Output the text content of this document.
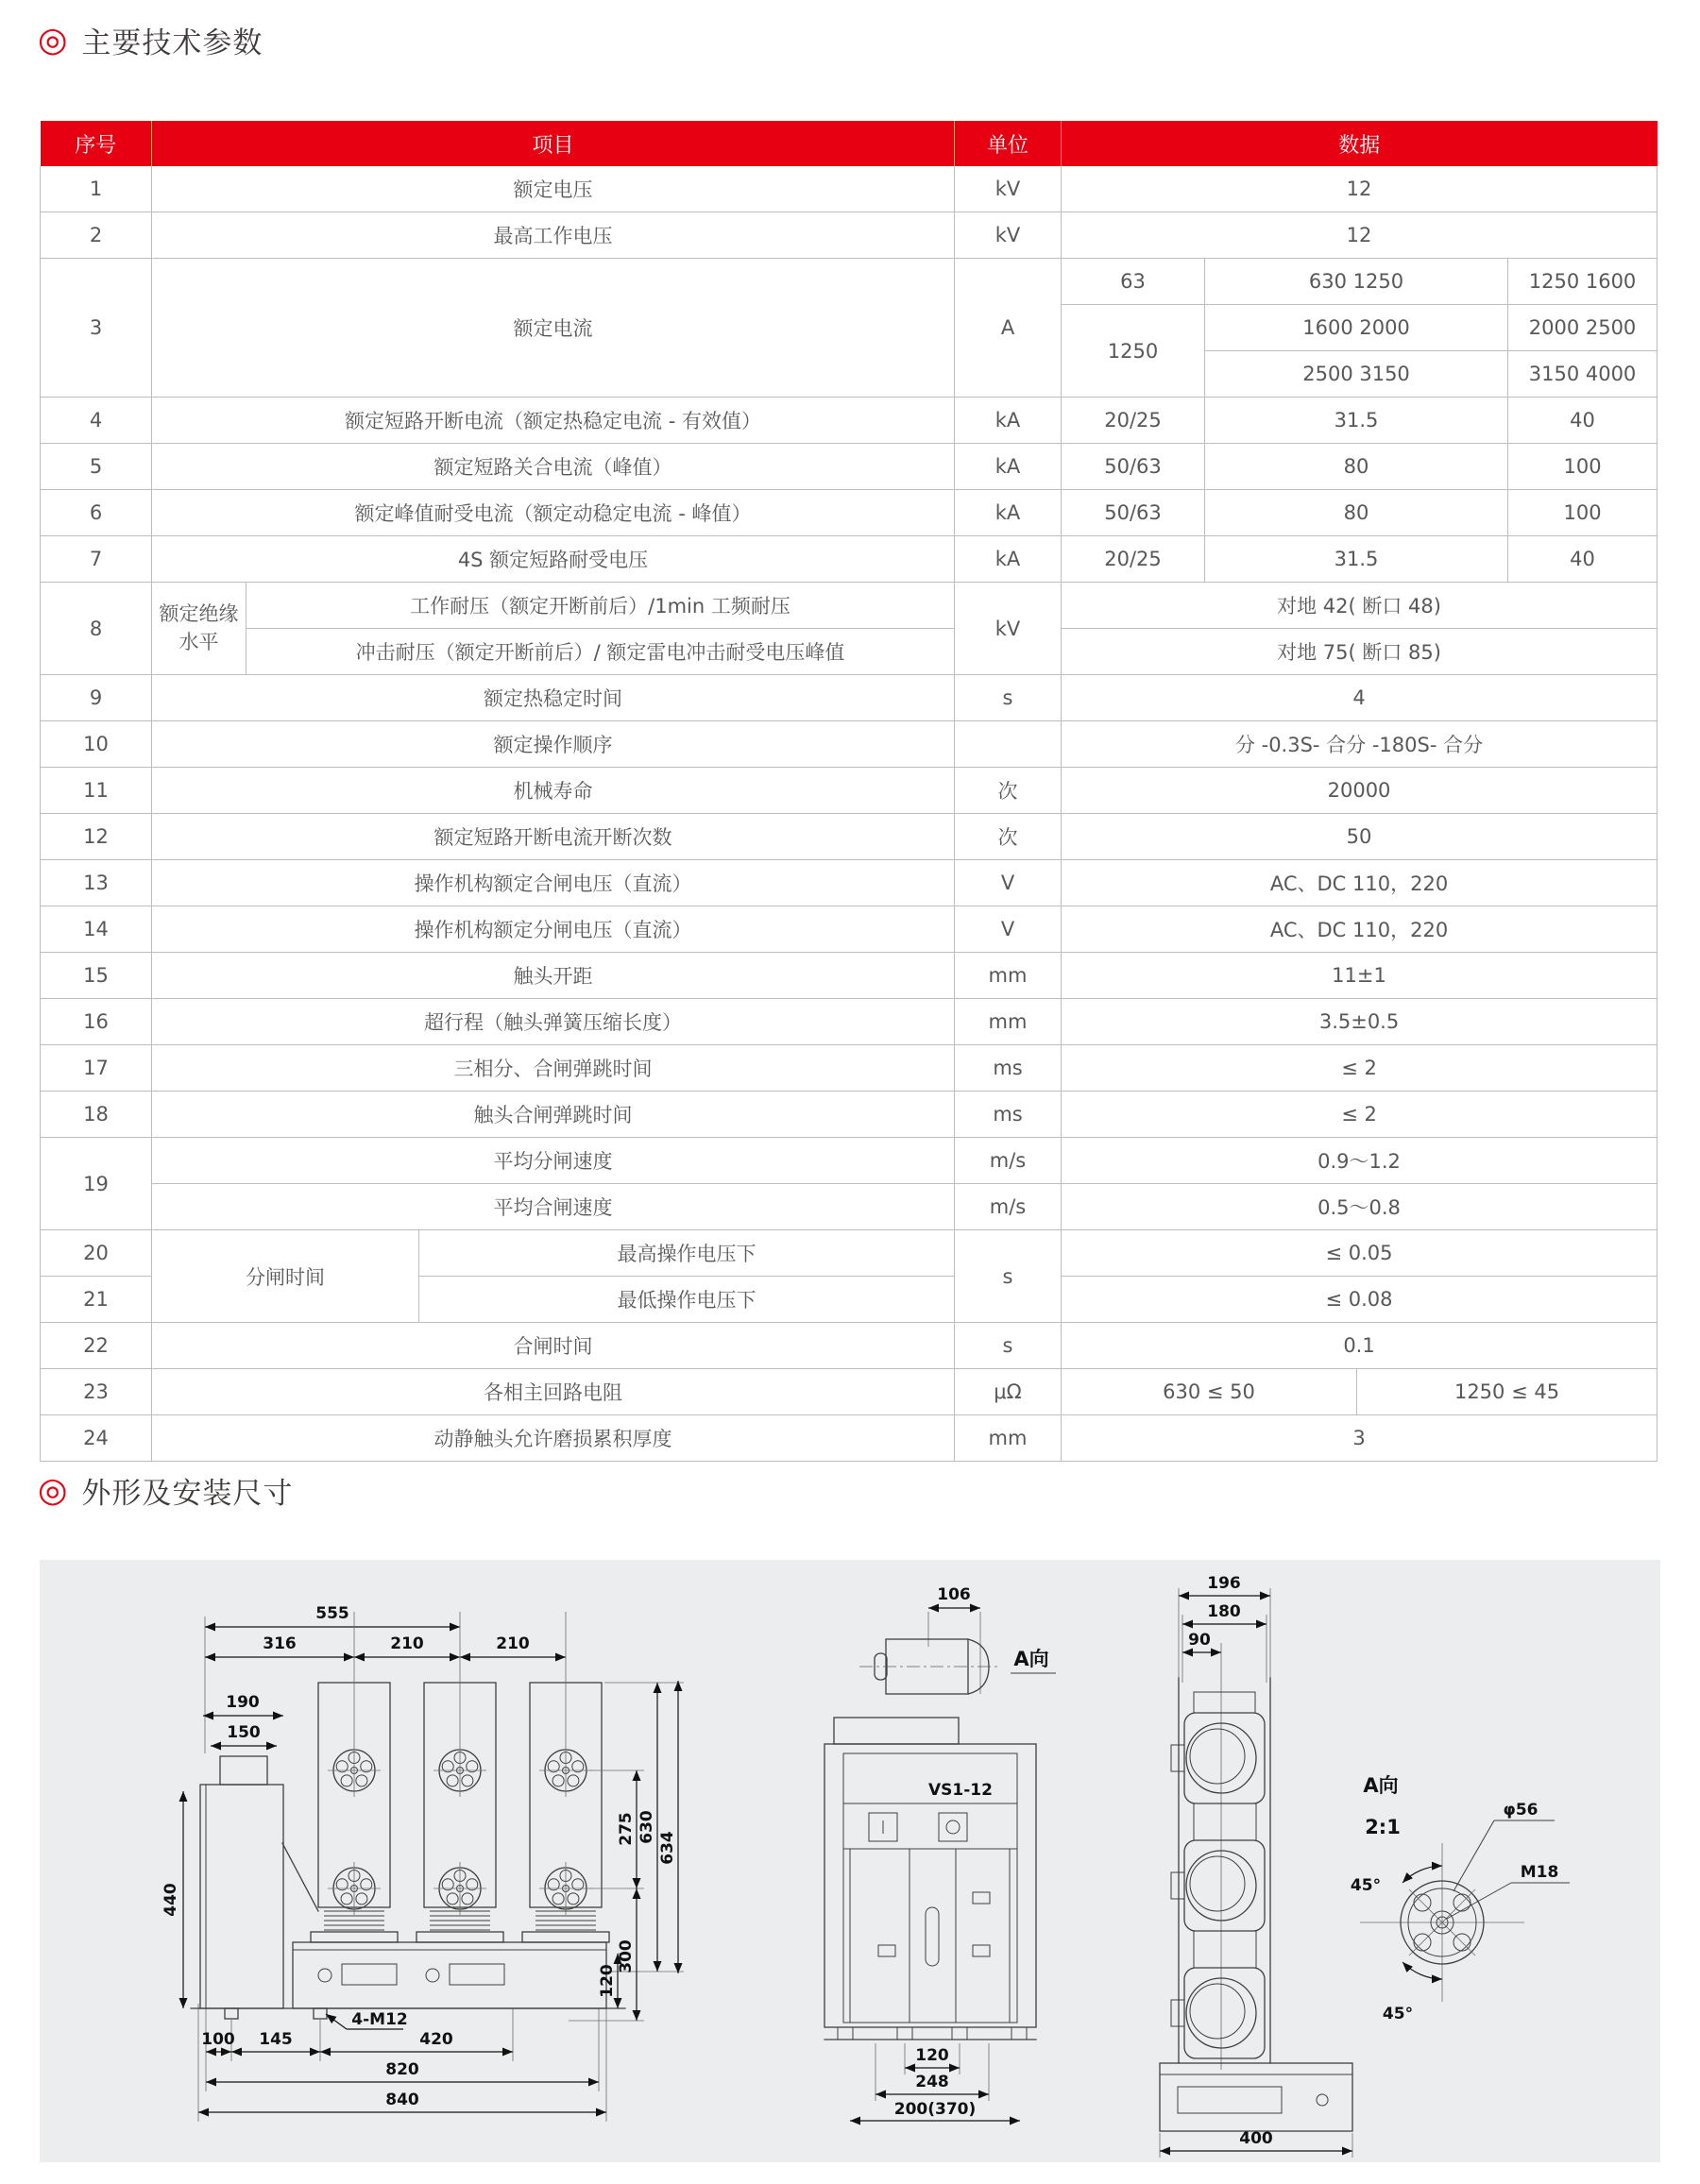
◎ 主要技术参数
序号	项目			单位	数据			
1	额定电压			kV	12			
2	最高工作电压			kV	12			
3	额定电流			A	63	630 1250		1250 1600
					1250	1600 2000		2000 2500
						2500 3150		3150 4000
4	额定短路开断电流（额定热稳定电流 - 有效值）			kA	20/25	31.5		40
5	额定短路关合电流（峰值）			kA	50/63	80		100
6	额定峰值耐受电流（额定动稳定电流 - 峰值）			kA	50/63	80		100
7	4S 额定短路耐受电压			kA	20/25	31.5		40
8	额定绝缘水平	工作耐压（额定开断前后）/1min 工频耐压		kV	对地 42( 断口 48)			
		冲击耐压（额定开断前后）/ 额定雷电冲击耐受电压峰值			对地 75( 断口 85)			
9	额定热稳定时间			s	4			
10	额定操作顺序				分 -0.3S- 合分 -180S- 合分			
11	机械寿命			次	20000			
12	额定短路开断电流开断次数			次	50			
13	操作机构额定合闸电压（直流）			V	AC、DC 110，220			
14	操作机构额定分闸电压（直流）			V	AC、DC 110，220			
15	触头开距			mm	11±1			
16	超行程（触头弹簧压缩长度）			mm	3.5±0.5			
17	三相分、合闸弹跳时间			ms	≤ 2			
18	触头合闸弹跳时间			ms	≤ 2			
19	平均分闸速度			m/s	0.9～1.2			
	平均合闸速度			m/s	0.5～0.8			
20	分闸时间		最高操作电压下	s	≤ 0.05			
21			最低操作电压下		≤ 0.08			
22	合闸时间			s	0.1			
23	各相主回路电阻			μΩ	630 ≤ 50		1250 ≤ 45	
24	动静触头允许磨损累积厚度			mm	3			
◎ 外形及安装尺寸
555
316	210	210
190
150
440
120
275
300
630
634
100 145
4-M12
420
820
840
106
A向
VS1-12
120
248
200(370)
196
180
90
400
A向
2:1
45°
45°
φ56
M18
